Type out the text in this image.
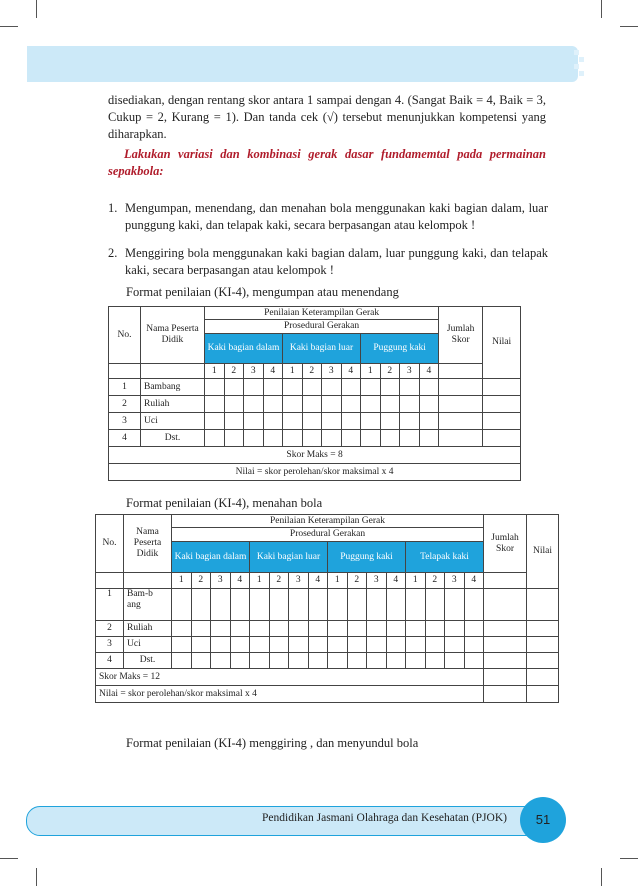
disediakan, dengan rentang skor antara 1 sampai dengan 4. (Sangat Baik = 4, Baik = 3, Cukup = 2, Kurang = 1). Dan tanda cek (√) tersebut menunjukkan kompetensi yang diharapkan.

Lakukan variasi dan kombinasi gerak dasar fundamemtal pada permainan sepakbola:

1. Mengumpan, menendang, dan menahan bola menggunakan kaki bagian dalam, luar punggung kaki, dan telapak kaki, secara berpasangan atau kelompok !
2. Menggiring bola menggunakan kaki bagian dalam, luar punggung kaki, dan telapak kaki, secara berpasangan atau kelompok !
Format penilaian (KI-4), mengumpan atau menendang
No.	Nama Peserta Didik	Penilaian Keterampilan Gerak												Jumlah Skor	Nilai
		Prosedural Gerakan													
		Kaki bagian dalam				Kaki bagian luar				Puggung kaki					
		1	2	3	4	1	2	3	4	1	2	3	4		
1	Bambang														
2	Ruliah														
3	Uci														
4	Dst.														
Skor Maks = 8															
Nilai = skor perolehan/skor maksimal x 4															
Format penilaian (KI-4), menahan bola
No.	Nama Peserta Didik	Penilaian Keterampilan Gerak																Jumlah Skor	Nilai
		Prosedural Gerakan																	
		Kaki bagian dalam				Kaki bagian luar				Puggung kaki				Telapak kaki					
		1	2	3	4	1	2	3	4	1	2	3	4	1	2	3	4		
1	Bam-bang																		
2	Ruliah																		
3	Uci																		
4	Dst.																		
Skor Maks = 12																			
Nilai = skor perolehan/skor maksimal x 4																			
Format penilaian (KI-4) menggiring , dan menyundul bola
Pendidikan Jasmani Olahraga dan Kesehatan (PJOK)	51
